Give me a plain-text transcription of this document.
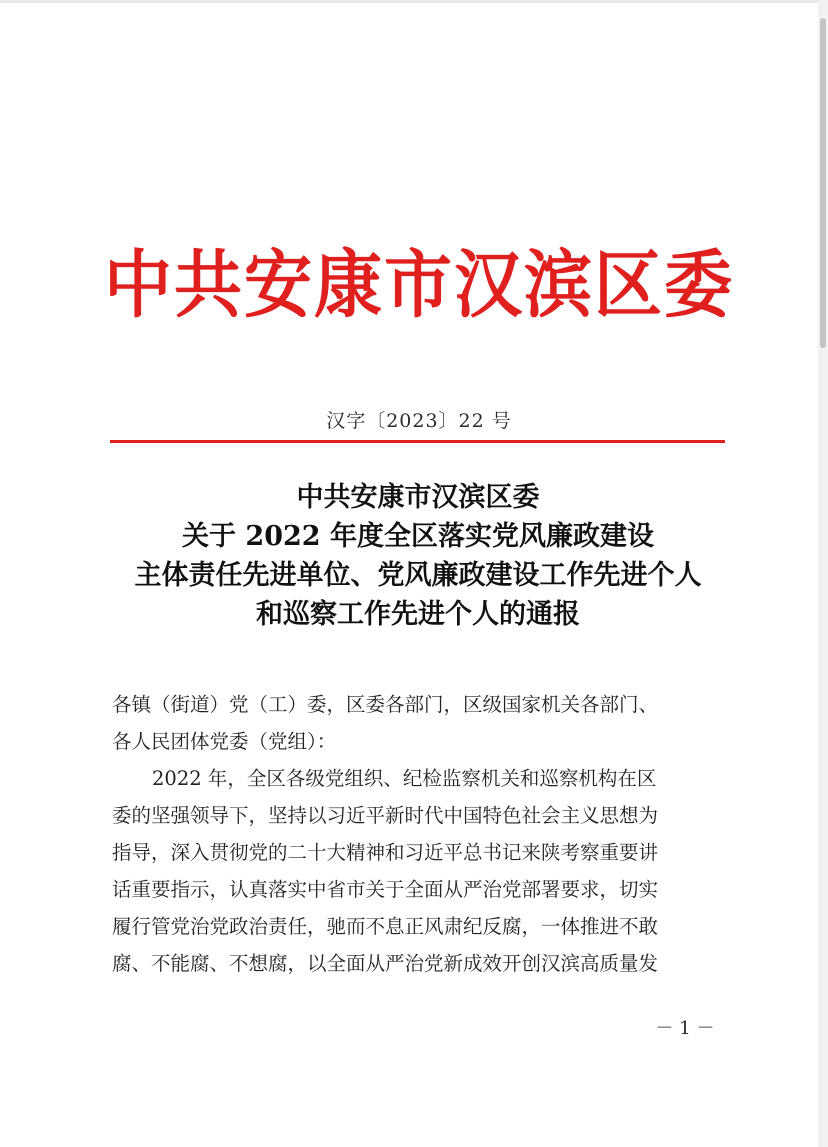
中共安康市汉滨区委
汉字〔2023〕22 号
中共安康市汉滨区委
关于 2022 年度全区落实党风廉政建设
主体责任先进单位、党风廉政建设工作先进个人
和巡察工作先进个人的通报
各镇（街道）党（工）委，区委各部门，区级国家机关各部门、
各人民团体党委（党组）：
2022 年，全区各级党组织、纪检监察机关和巡察机构在区
委的坚强领导下，坚持以习近平新时代中国特色社会主义思想为
指导，深入贯彻党的二十大精神和习近平总书记来陕考察重要讲
话重要指示，认真落实中省市关于全面从严治党部署要求，切实
履行管党治党政治责任，驰而不息正风肃纪反腐，一体推进不敢
腐、不能腐、不想腐，以全面从严治党新成效开创汉滨高质量发
－ 1 －
